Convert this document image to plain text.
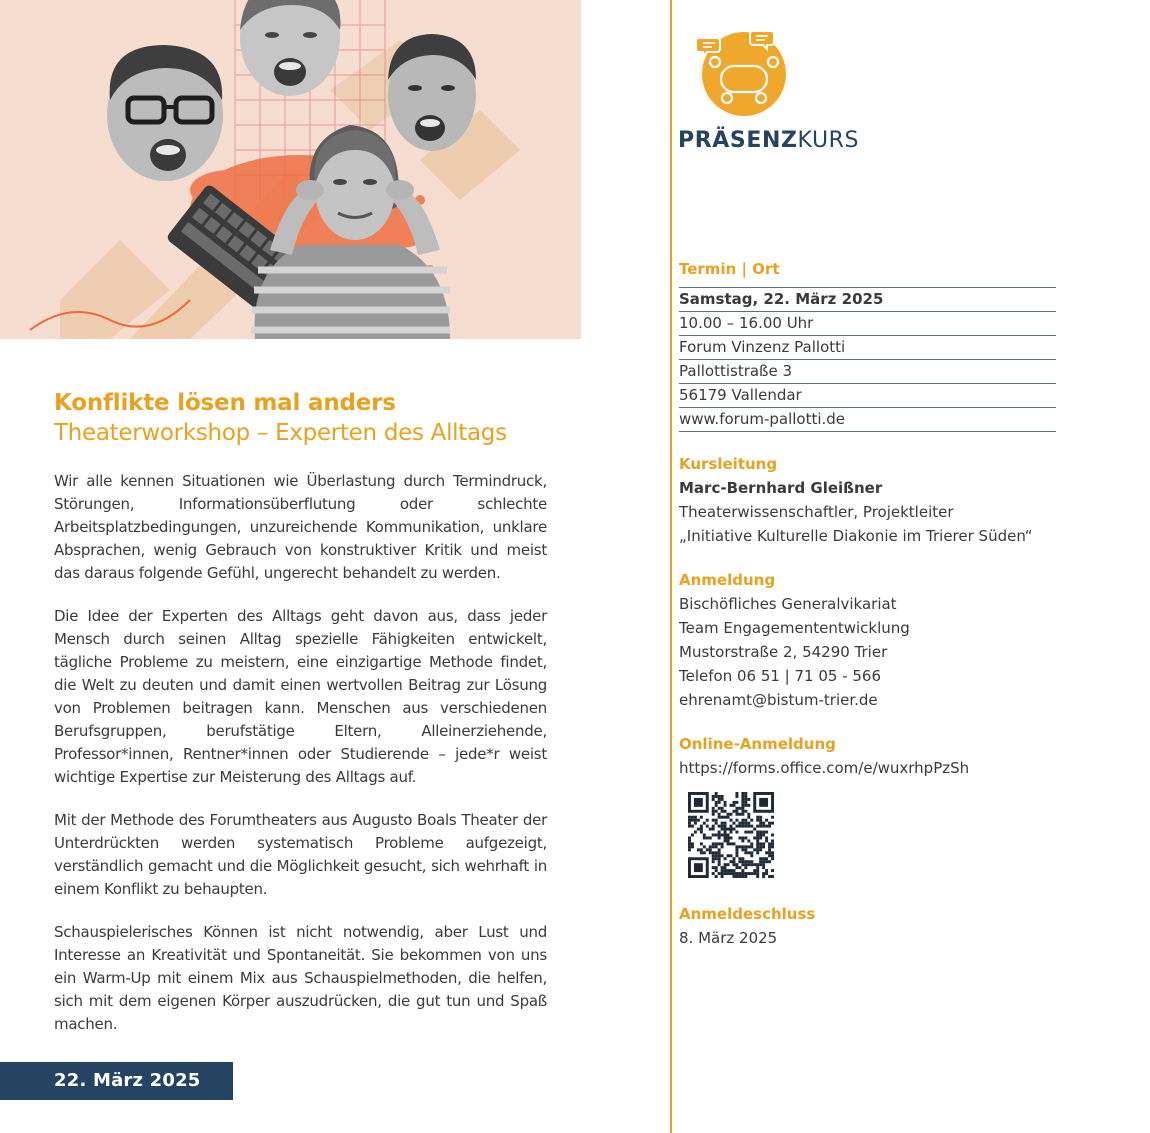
Konflikte lösen mal anders
Theaterworkshop – Experten des Alltags

Wir alle kennen Situationen wie Überlastung durch Termindruck, Störungen, Informationsüberflutung oder schlechte Arbeitsplatzbedingungen, unzureichende Kommunikation, unklare Absprachen, wenig Gebrauch von konstruktiver Kritik und meist das daraus folgende Gefühl, ungerecht behandelt zu werden.

Die Idee der Experten des Alltags geht davon aus, dass jeder Mensch durch seinen Alltag spezielle Fähigkeiten entwickelt, tägliche Probleme zu meistern, eine einzigartige Methode findet, die Welt zu deuten und damit einen wertvollen Beitrag zur Lösung von Problemen beitragen kann. Menschen aus verschiedenen Berufsgruppen, berufstätige Eltern, Alleinerziehende, Professor*innen, Rentner*innen oder Studierende – jede*r weist wichtige Expertise zur Meisterung des Alltags auf.

Mit der Methode des Forumtheaters aus Augusto Boals Theater der Unterdrückten werden systematisch Probleme aufgezeigt, verständlich gemacht und die Möglichkeit gesucht, sich wehrhaft in einem Konflikt zu behaupten.

Schauspielerisches Können ist nicht notwendig, aber Lust und Interesse an Kreativität und Spontaneität. Sie bekommen von uns ein Warm-Up mit einem Mix aus Schauspielmethoden, die helfen, sich mit dem eigenen Körper auszudrücken, die gut tun und Spaß machen.

22. März 2025
PRÄSENZKURS

Termin | Ort

Samstag, 22. März 2025
10.00 – 16.00 Uhr
Forum Vinzenz Pallotti
Pallottistraße 3
56179 Vallendar
www.forum-pallotti.de

Kursleitung

Marc-Bernhard Gleißner

Theaterwissenschaftler, Projektleiter

„Initiative Kulturelle Diakonie im Trierer Süden“

Anmeldung

Bischöfliches Generalvikariat

Team Engagemententwicklung

Mustorstraße 2, 54290 Trier

Telefon 06 51 | 71 05 - 566

ehrenamt@bistum-trier.de

Online-Anmeldung

https://forms.office.com/e/wuxrhpPzSh

Anmeldeschluss

8. März 2025
